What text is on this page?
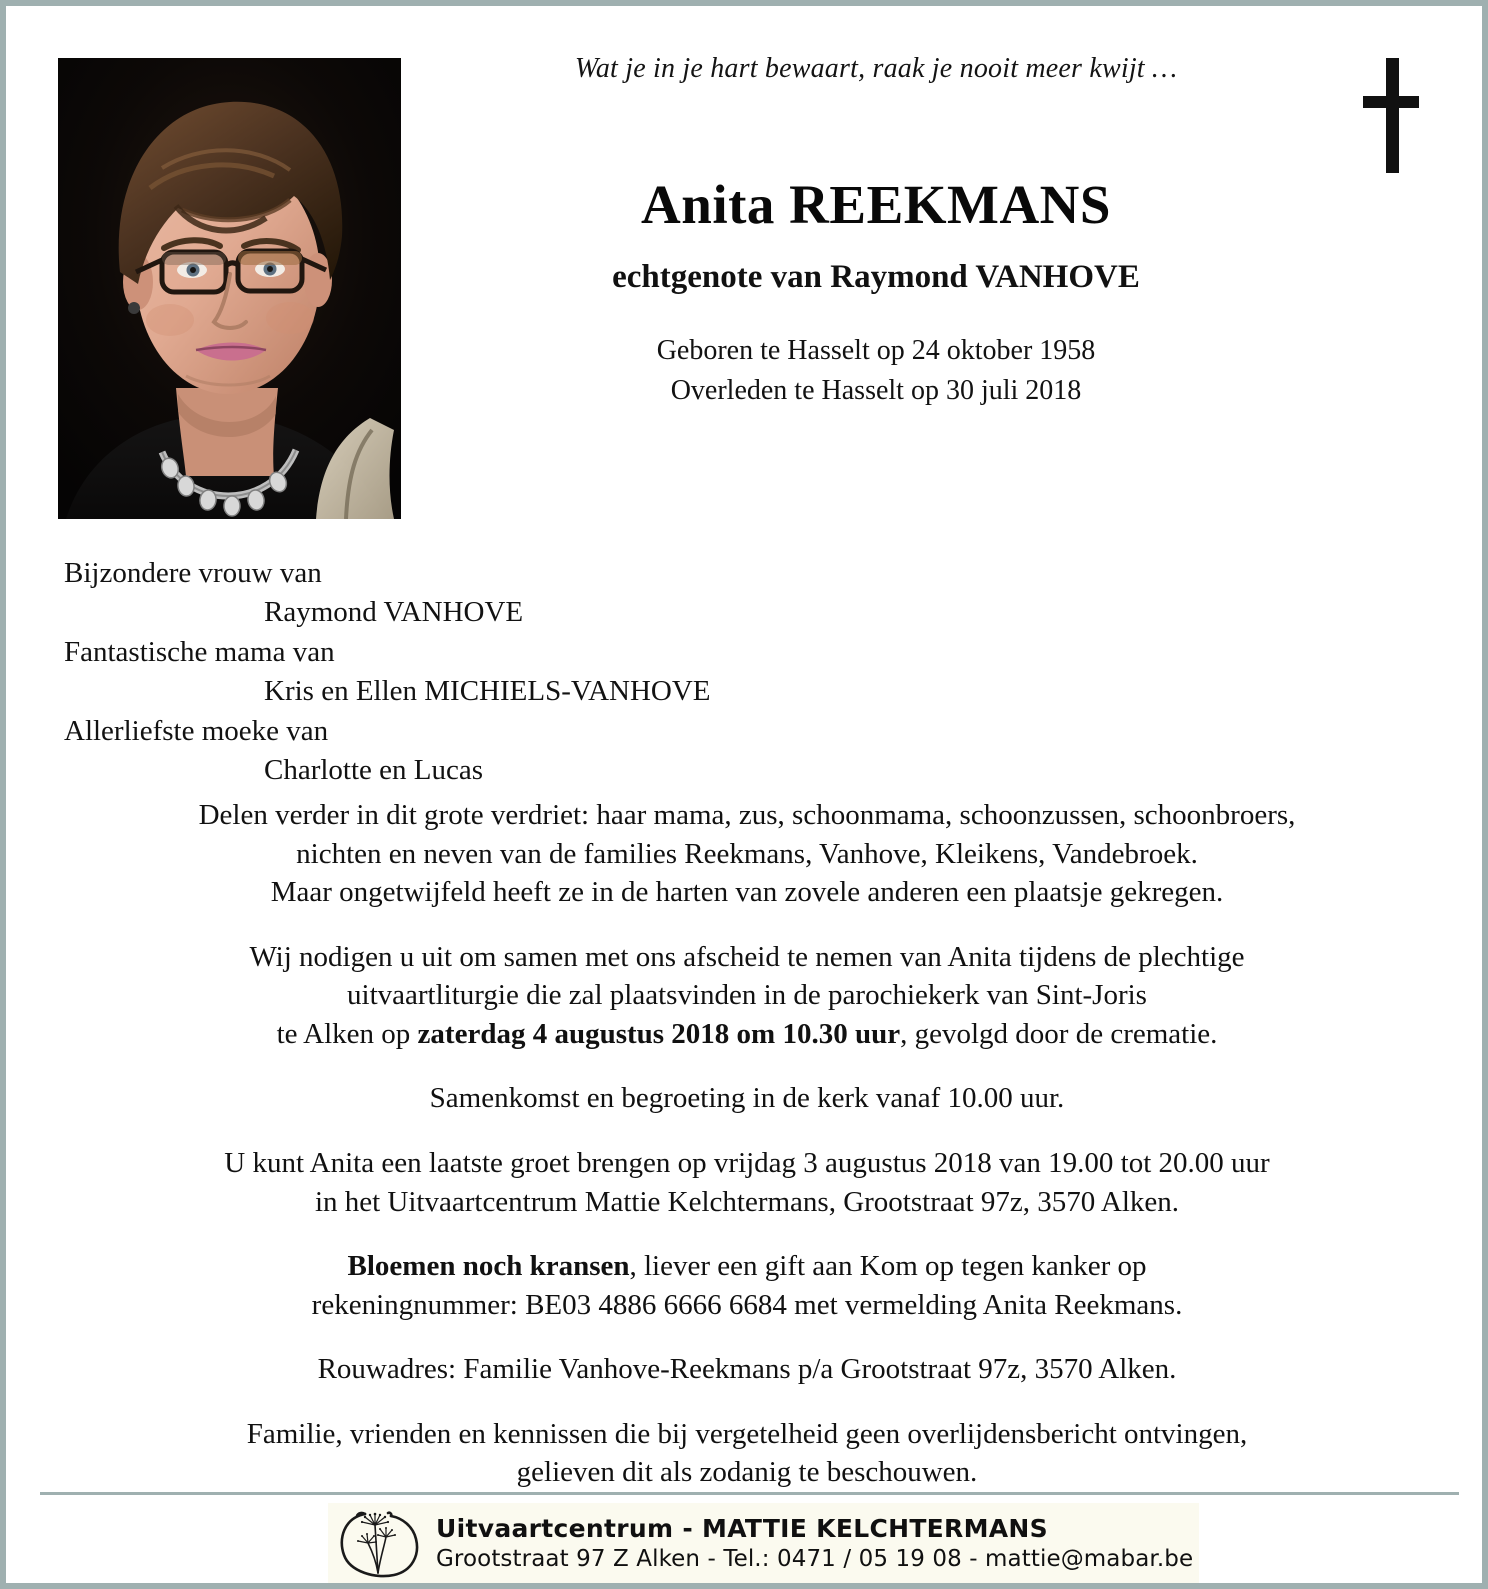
Wat je in je hart bewaart, raak je nooit meer kwijt …
Anita REEKMANS
echtgenote van Raymond VANHOVE
Geboren te Hasselt op 24 oktober 1958
Overleden te Hasselt op 30 juli 2018
Bijzondere vrouw van
Raymond VANHOVE
Fantastische mama van
Kris en Ellen MICHIELS-VANHOVE
Allerliefste moeke van
Charlotte en Lucas

Delen verder in dit grote verdriet: haar mama, zus, schoonmama, schoonzussen, schoonbroers,
nichten en neven van de families Reekmans, Vanhove, Kleikens, Vandebroek.
Maar ongetwijfeld heeft ze in de harten van zovele anderen een plaatsje gekregen.

Wij nodigen u uit om samen met ons afscheid te nemen van Anita tijdens de plechtige
uitvaartliturgie die zal plaatsvinden in de parochiekerk van Sint-Joris
te Alken op zaterdag 4 augustus 2018 om 10.30 uur, gevolgd door de crematie.

Samenkomst en begroeting in de kerk vanaf 10.00 uur.

U kunt Anita een laatste groet brengen op vrijdag 3 augustus 2018 van 19.00 tot 20.00 uur
in het Uitvaartcentrum Mattie Kelchtermans, Grootstraat 97z, 3570 Alken.

Bloemen noch kransen, liever een gift aan Kom op tegen kanker op
rekeningnummer: BE03 4886 6666 6684 met vermelding Anita Reekmans.

Rouwadres: Familie Vanhove-Reekmans p/a Grootstraat 97z, 3570 Alken.

Familie, vrienden en kennissen die bij vergetelheid geen overlijdensbericht ontvingen,
gelieven dit als zodanig te beschouwen.

Uitvaartcentrum - MATTIE KELCHTERMANS
Grootstraat 97 Z Alken - Tel.: 0471 / 05 19 08 - mattie@mabar.be
